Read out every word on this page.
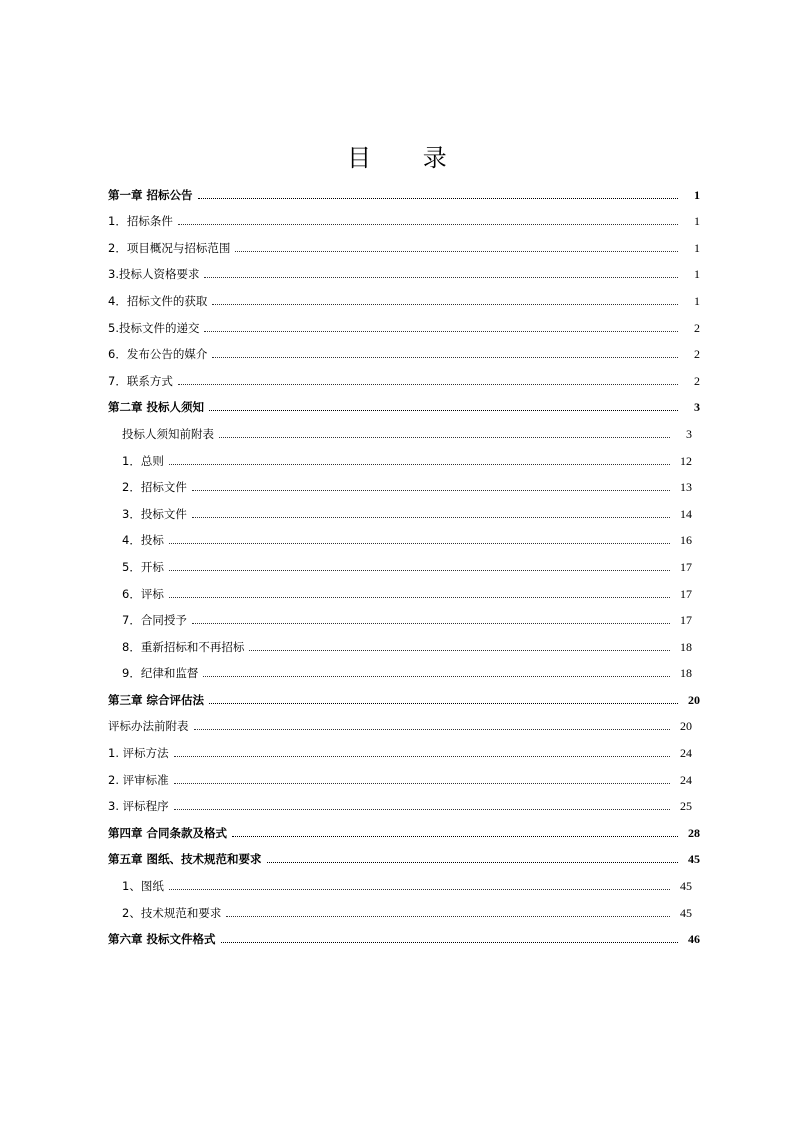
目 录
第一章 招标公告	1
1．招标条件	1
2．项目概况与招标范围	1
3.投标人资格要求	1
4．招标文件的获取	1
5.投标文件的递交	2
6．发布公告的媒介	2
7．联系方式	2
第二章 投标人须知	3
投标人须知前附表	3
1．总则	12
2．招标文件	13
3．投标文件	14
4．投标	16
5．开标	17
6．评标	17
7．合同授予	17
8．重新招标和不再招标	18
9．纪律和监督	18
第三章 综合评估法	20
评标办法前附表	20
1. 评标方法	24
2. 评审标准	24
3. 评标程序	25
第四章 合同条款及格式	28
第五章 图纸、技术规范和要求	45
1、图纸	45
2、技术规范和要求	45
第六章 投标文件格式	46
